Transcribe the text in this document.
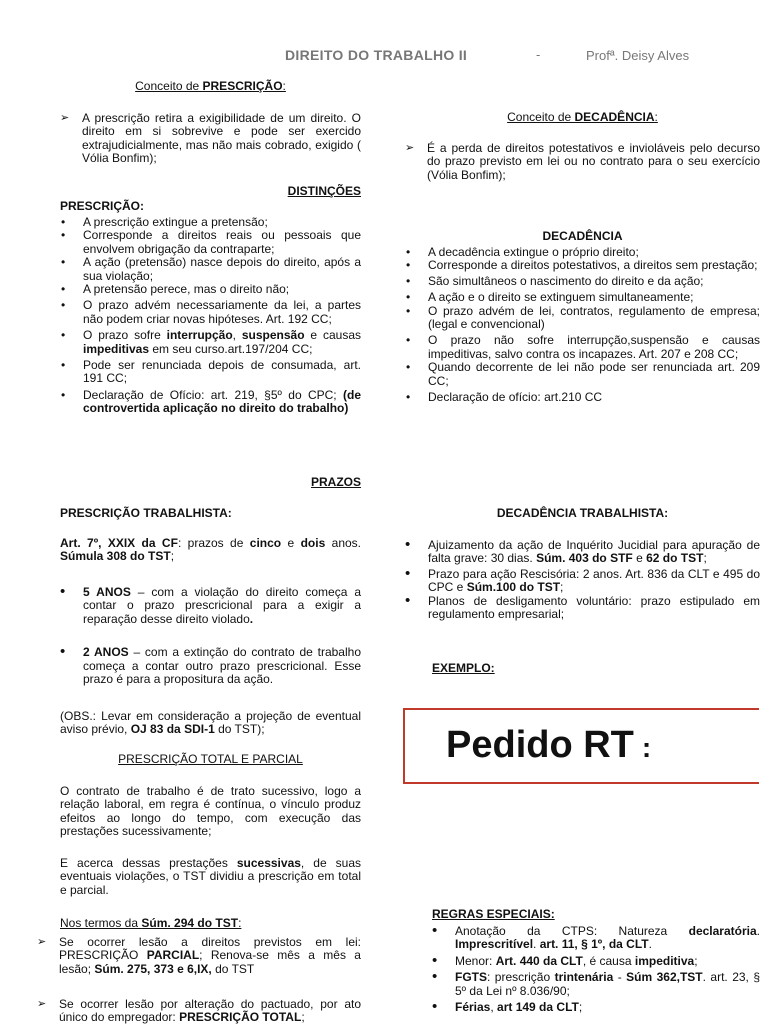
DIREITO DO TRABALHO II	-	Profª. Deisy Alves
Conceito de PRESCRIÇÃO:
➢	A prescrição retira a exigibilidade de um direito. O direito em si sobrevive e pode ser exercido extrajudicialmente, mas não mais cobrado, exigido ( Vólia Bonfim);
DISTINÇÕES
PRESCRIÇÃO:
• A prescrição extingue a pretensão;
• Corresponde a direitos reais ou pessoais que envolvem obrigação da contraparte;
• A ação (pretensão) nasce depois do direito, após a sua violação;
• A pretensão perece, mas o direito não;
• O prazo advém necessariamente da lei, a partes não podem criar novas hipóteses. Art. 192 CC;
• O prazo sofre interrupção, suspensão e causas impeditivas em seu curso.art.197/204 CC;
• Pode ser renunciada depois de consumada, art. 191 CC;
• Declaração de Ofício: art. 219, §5º do CPC; (de controvertida aplicação no direito do trabalho)
PRAZOS
PRESCRIÇÃO TRABALHISTA:
Art. 7º, XXIX da CF: prazos de cinco e dois anos. Súmula 308 do TST;
• 5 ANOS – com a violação do direito começa a contar o prazo prescricional para a exigir a reparação desse direito violado.
• 2 ANOS – com a extinção do contrato de trabalho começa a contar outro prazo prescricional. Esse prazo é para a propositura da ação.
(OBS.: Levar em consideração a projeção de eventual aviso prévio, OJ 83 da SDI-1 do TST);
PRESCRIÇÃO TOTAL E PARCIAL
O contrato de trabalho é de trato sucessivo, logo a relação laboral, em regra é contínua, o vínculo produz efeitos ao longo do tempo, com execução das prestações sucessivamente;
E acerca dessas prestações sucessivas, de suas eventuais violações, o TST dividiu a prescrição em total e parcial.
Nos termos da Súm. 294 do TST:
➢	Se ocorrer lesão a direitos previstos em lei: PRESCRIÇÃO PARCIAL; Renova-se mês a mês a lesão; Súm. 275, 373 e 6,IX, do TST
➢	Se ocorrer lesão por alteração do pactuado, por ato único do empregador: PRESCRIÇÃO TOTAL;
Conceito de DECADÊNCIA:
➢	É a perda de direitos potestativos e invioláveis pelo decurso do prazo previsto em lei ou no contrato para o seu exercício (Vólia Bonfim);
DECADÊNCIA
• A decadência extingue o próprio direito;
• Corresponde a direitos potestativos, a direitos sem prestação;
• São simultâneos o nascimento do direito e da ação;
• A ação e o direito se extinguem simultaneamente;
• O prazo advém de lei, contratos, regulamento de empresa; (legal e convencional)
• O prazo não sofre interrupção,suspensão e causas impeditivas, salvo contra os incapazes. Art. 207 e 208 CC;
• Quando decorrente de lei não pode ser renunciada art. 209 CC;
• Declaração de ofício: art.210 CC
DECADÊNCIA TRABALHISTA:
• Ajuizamento da ação de Inquérito Jucidial para apuração de falta grave: 30 dias. Súm. 403 do STF e 62 do TST;
• Prazo para ação Rescisória: 2 anos. Art. 836 da CLT e 495 do CPC e Súm.100 do TST;
• Planos de desligamento voluntário: prazo estipulado em regulamento empresarial;
EXEMPLO:
REGRAS ESPECIAIS:
• Anotação da CTPS: Natureza declaratória. Imprescritível. art. 11, § 1º, da CLT.
• Menor: Art. 440 da CLT, é causa impeditiva;
• FGTS: prescrição trintenária - Súm 362,TST. art. 23, § 5º da Lei nº 8.036/90;
• Férias, art 149 da CLT;
Pedido RT :
